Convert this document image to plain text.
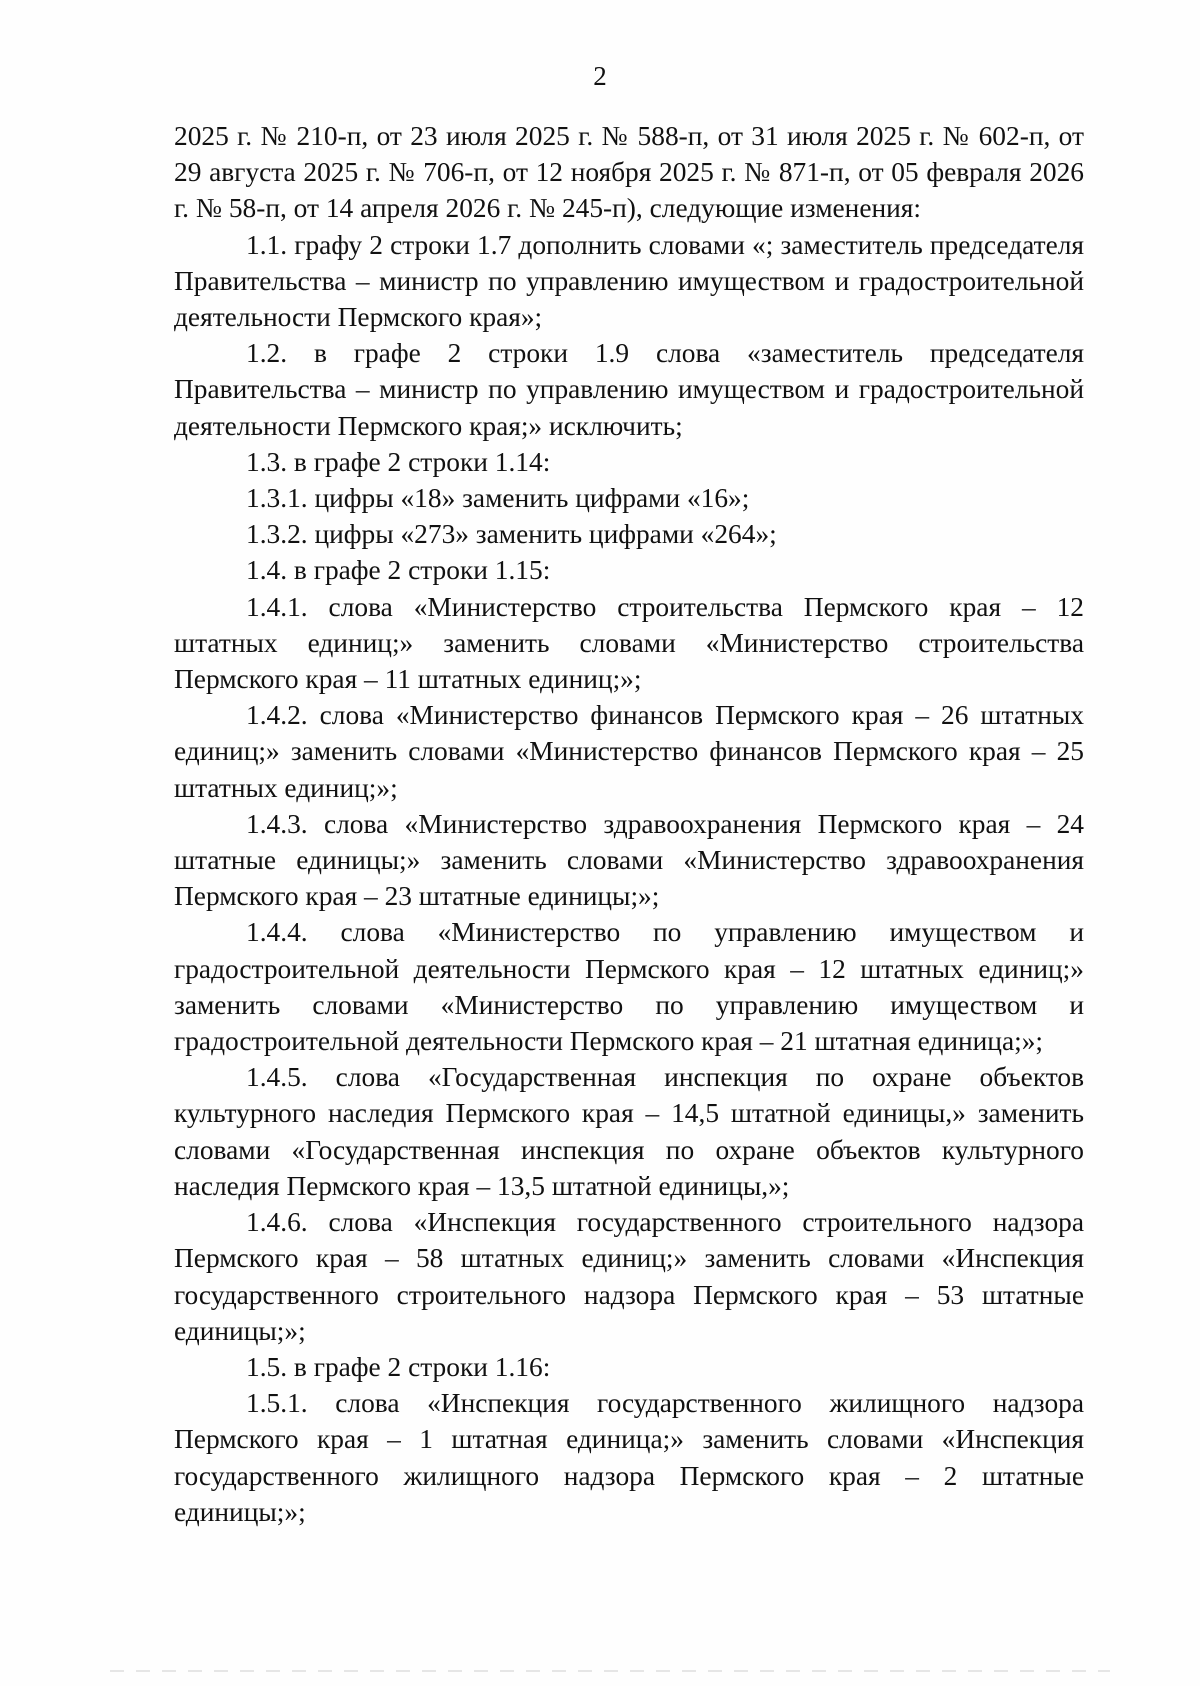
2

2025 г. № 210-п, от 23 июля 2025 г. № 588-п, от 31 июля 2025 г. № 602-п, от 29 августа 2025 г. № 706-п, от 12 ноября 2025 г. № 871-п, от 05 февраля 2026 г. № 58-п, от 14 апреля 2026 г. № 245-п), следующие изменения:

1.1. графу 2 строки 1.7 дополнить словами «; заместитель председателя Правительства – министр по управлению имуществом и градостроительной деятельности Пермского края»;

1.2. в графе 2 строки 1.9 слова «заместитель председателя Правительства – министр по управлению имуществом и градостроительной деятельности Пермского края;» исключить;

1.3. в графе 2 строки 1.14:

1.3.1. цифры «18» заменить цифрами «16»;

1.3.2. цифры «273» заменить цифрами «264»;

1.4. в графе 2 строки 1.15:

1.4.1. слова «Министерство строительства Пермского края – 12 штатных единиц;» заменить словами «Министерство строительства Пермского края – 11 штатных единиц;»;

1.4.2. слова «Министерство финансов Пермского края – 26 штатных единиц;» заменить словами «Министерство финансов Пермского края – 25 штатных единиц;»;

1.4.3. слова «Министерство здравоохранения Пермского края – 24 штатные единицы;» заменить словами «Министерство здравоохранения Пермского края – 23 штатные единицы;»;

1.4.4. слова «Министерство по управлению имуществом и градостроительной деятельности Пермского края – 12 штатных единиц;» заменить словами «Министерство по управлению имуществом и градостроительной деятельности Пермского края – 21 штатная единица;»;

1.4.5. слова «Государственная инспекция по охране объектов культурного наследия Пермского края – 14,5 штатной единицы,» заменить словами «Государственная инспекция по охране объектов культурного наследия Пермского края – 13,5 штатной единицы,»;

1.4.6. слова «Инспекция государственного строительного надзора Пермского края – 58 штатных единиц;» заменить словами «Инспекция государственного строительного надзора Пермского края – 53 штатные единицы;»;

1.5. в графе 2 строки 1.16:

1.5.1. слова «Инспекция государственного жилищного надзора Пермского края – 1 штатная единица;» заменить словами «Инспекция государственного жилищного надзора Пермского края – 2 штатные единицы;»;
